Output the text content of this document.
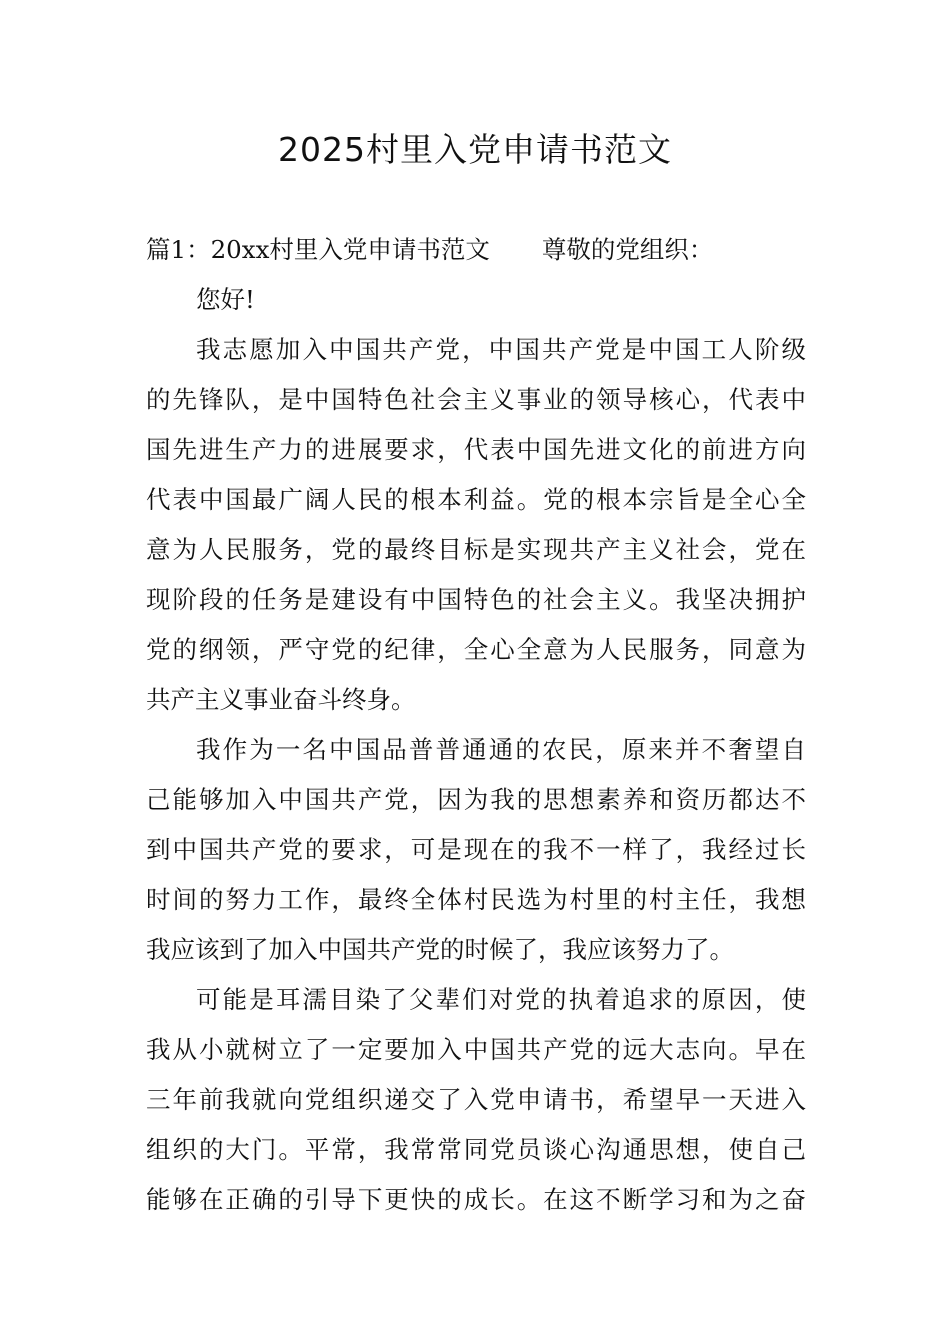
2025村里入党申请书范文
篇1：20xx村里入党申请书范文 尊敬的党组织：
您好!
我志愿加入中国共产党，中国共产党是中国工人阶级
的先锋队，是中国特色社会主义事业的领导核心，代表中
国先进生产力的进展要求，代表中国先进文化的前进方向
代表中国最广阔人民的根本利益。党的根本宗旨是全心全
意为人民服务，党的最终目标是实现共产主义社会，党在
现阶段的任务是建设有中国特色的社会主义。我坚决拥护
党的纲领，严守党的纪律，全心全意为人民服务，同意为
共产主义事业奋斗终身。
我作为一名中国品普普通通的农民，原来并不奢望自
己能够加入中国共产党，因为我的思想素养和资历都达不
到中国共产党的要求，可是现在的我不一样了，我经过长
时间的努力工作，最终全体村民选为村里的村主任，我想
我应该到了加入中国共产党的时候了，我应该努力了。
可能是耳濡目染了父辈们对党的执着追求的原因，使
我从小就树立了一定要加入中国共产党的远大志向。早在
三年前我就向党组织递交了入党申请书，希望早一天进入
组织的大门。平常，我常常同党员谈心沟通思想，使自己
能够在正确的引导下更快的成长。在这不断学习和为之奋
